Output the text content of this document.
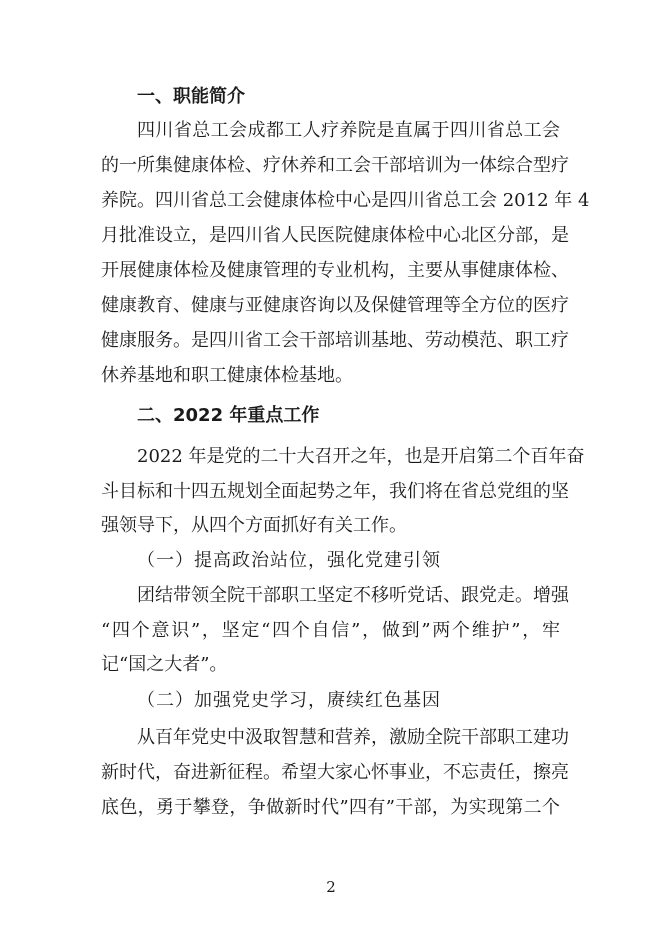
一、职能简介
四川省总工会成都工人疗养院是直属于四川省总工会
的一所集健康体检、疗休养和工会干部培训为一体综合型疗
养院。四川省总工会健康体检中心是四川省总工会 2012 年 4
月批准设立，是四川省人民医院健康体检中心北区分部，是
开展健康体检及健康管理的专业机构，主要从事健康体检、
健康教育、健康与亚健康咨询以及保健管理等全方位的医疗
健康服务。是四川省工会干部培训基地、劳动模范、职工疗
休养基地和职工健康体检基地。
二、2022 年重点工作
2022 年是党的二十大召开之年，也是开启第二个百年奋
斗目标和十四五规划全面起势之年，我们将在省总党组的坚
强领导下，从四个方面抓好有关工作。
（一）提高政治站位，强化党建引领
团结带领全院干部职工坚定不移听党话、跟党走。增强
“四个意识”，坚定“四个自信”，做到”两个维护”，牢
记“国之大者”。
（二）加强党史学习，赓续红色基因
从百年党史中汲取智慧和营养，激励全院干部职工建功
新时代，奋进新征程。希望大家心怀事业，不忘责任，擦亮
底色，勇于攀登，争做新时代”四有”干部，为实现第二个
2
